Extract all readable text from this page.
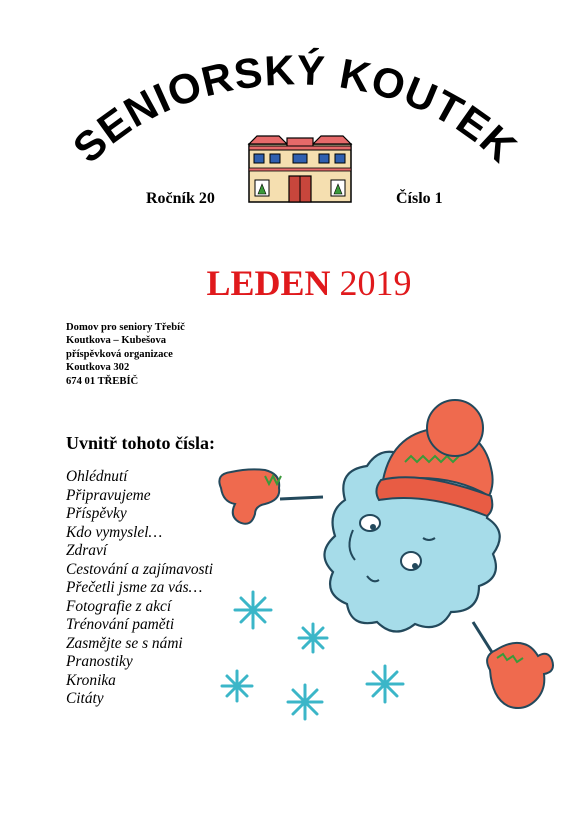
SENIORSKÝ KOUTEK
Ročník 20	Číslo 1
LEDEN 2019
Domov pro seniory Třebíč
Koutkova – Kubešova
příspěvková organizace
Koutkova 302
674 01 TŘEBÍČ
Uvnitř tohoto čísla:
Ohlédnutí
Připravujeme
Příspěvky
Kdo vymyslel…
Zdraví
Cestování a zajímavosti
Přečetli jsme za vás…
Fotografie z akcí
Trénování paměti
Zasmějte se s námi
Pranostiky
Kronika
Citáty
